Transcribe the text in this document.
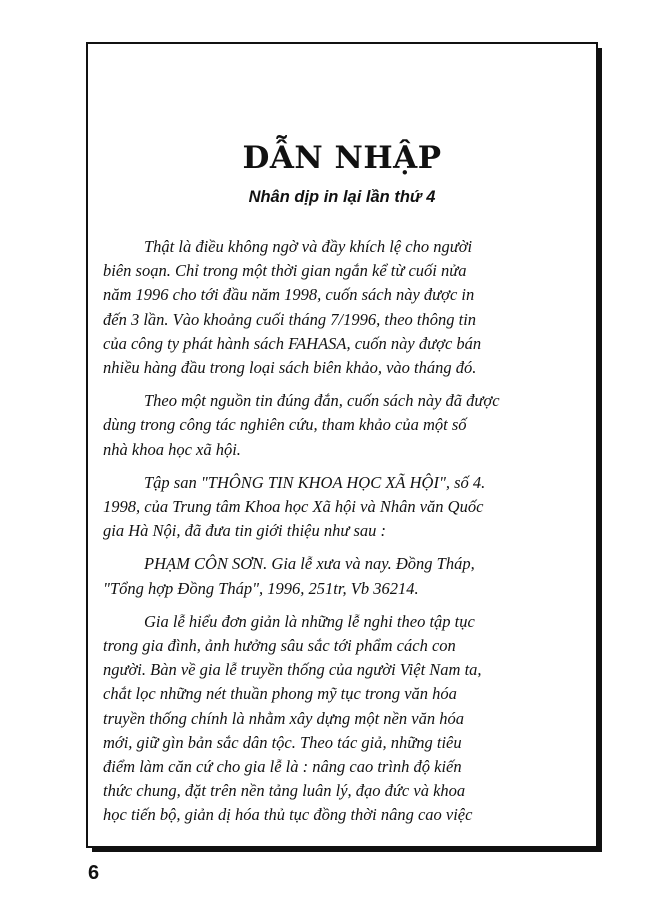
DẪN NHẬP
Nhân dịp in lại lần thứ 4
Thật là điều không ngờ và đầy khích lệ cho người
biên soạn. Chỉ trong một thời gian ngắn kể từ cuối nửa
năm 1996 cho tới đầu năm 1998, cuốn sách này được in
đến 3 lần. Vào khoảng cuối tháng 7/1996, theo thông tin
của công ty phát hành sách FAHASA, cuốn này được bán
nhiều hàng đầu trong loại sách biên khảo, vào tháng đó.
Theo một nguồn tin đúng đắn, cuốn sách này đã được
dùng trong công tác nghiên cứu, tham khảo của một số
nhà khoa học xã hội.
Tập san "THÔNG TIN KHOA HỌC XÃ HỘI", số 4.
1998, của Trung tâm Khoa học Xã hội và Nhân văn Quốc
gia Hà Nội, đã đưa tin giới thiệu như sau :
PHẠM CÔN SƠN. Gia lễ xưa và nay. Đồng Tháp,
"Tổng hợp Đồng Tháp", 1996, 251tr, Vb 36214.
Gia lễ hiểu đơn giản là những lễ nghi theo tập tục
trong gia đình, ảnh hưởng sâu sắc tới phẩm cách con
người. Bàn về gia lễ truyền thống của người Việt Nam ta,
chắt lọc những nét thuần phong mỹ tục trong văn hóa
truyền thống chính là nhằm xây dựng một nền văn hóa
mới, giữ gìn bản sắc dân tộc. Theo tác giả, những tiêu
điểm làm căn cứ cho gia lễ là : nâng cao trình độ kiến
thức chung, đặt trên nền tảng luân lý, đạo đức và khoa
học tiến bộ, giản dị hóa thủ tục đồng thời nâng cao việc
6
